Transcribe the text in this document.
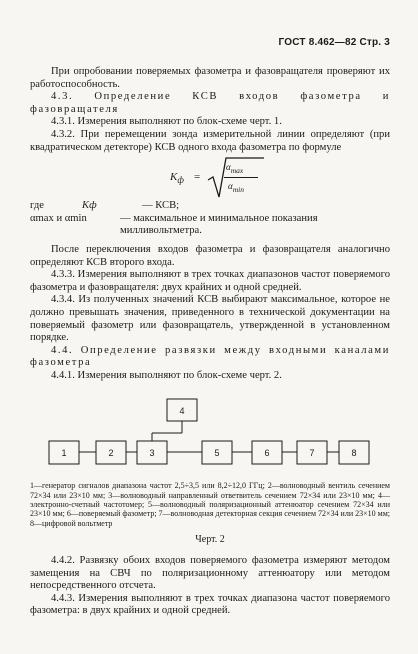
ГОСТ 8.462—82 Стр. 3

При опробовании поверяемых фазометра и фазовращателя проверяют их работоспособность.

4.3. Определение КСВ входов фазометра и фазовращателя

4.3.1. Измерения выполняют по блок-схеме черт. 1.

4.3.2. При перемещении зонда измерительной линии определяют (при квадратическом детекторе) КСВ одного входа фазометра по формуле

$K_ф$ =
$\alpha_{max}$
$\alpha_{min}$
где	Kф	— КСВ;
αmax и αmin	— максимальное и минимальное показания милливольтметра.

После переключения входов фазометра и фазовращателя аналогично определяют КСВ второго входа.

4.3.3. Измерения выполняют в трех точках диапазонов частот поверяемого фазометра и фазовращателя: двух крайних и одной средней.

4.3.4. Из полученных значений КСВ выбирают максимальное, которое не должно превышать значения, приведенного в технической документации на поверяемый фазометр или фазовращатель, утвержденной в установленном порядке.

4.4. Определение развязки между входными каналами фазометра

4.4.1. Измерения выполняют по блок-схеме черт. 2.

1	2	3
4
5	6	7	8
1—генератор сигналов диапазона частот 2,5÷3,5 или 8,2÷12,0 ГГц; 2—волноводный вентиль сечением 72×34 или 23×10 мм; 3—волноводный направленный ответвитель сечением 72×34 или 23×10 мм; 4—электронно-счетный частотомер; 5—волноводный поляризационный аттенюатор сечением 72×34 или 23×10 мм; 6—поверяемый фазометр; 7—волноводная детекторная секция сечением 72×34 или 23×10 мм; 8—цифровой вольтметр
Черт. 2

4.4.2. Развязку обоих входов поверяемого фазометра измеряют методом замещения на СВЧ по поляризационному аттенюатору или методом непосредственного отсчета.

4.4.3. Измерения выполняют в трех точках диапазона частот поверяемого фазометра: в двух крайних и одной средней.
